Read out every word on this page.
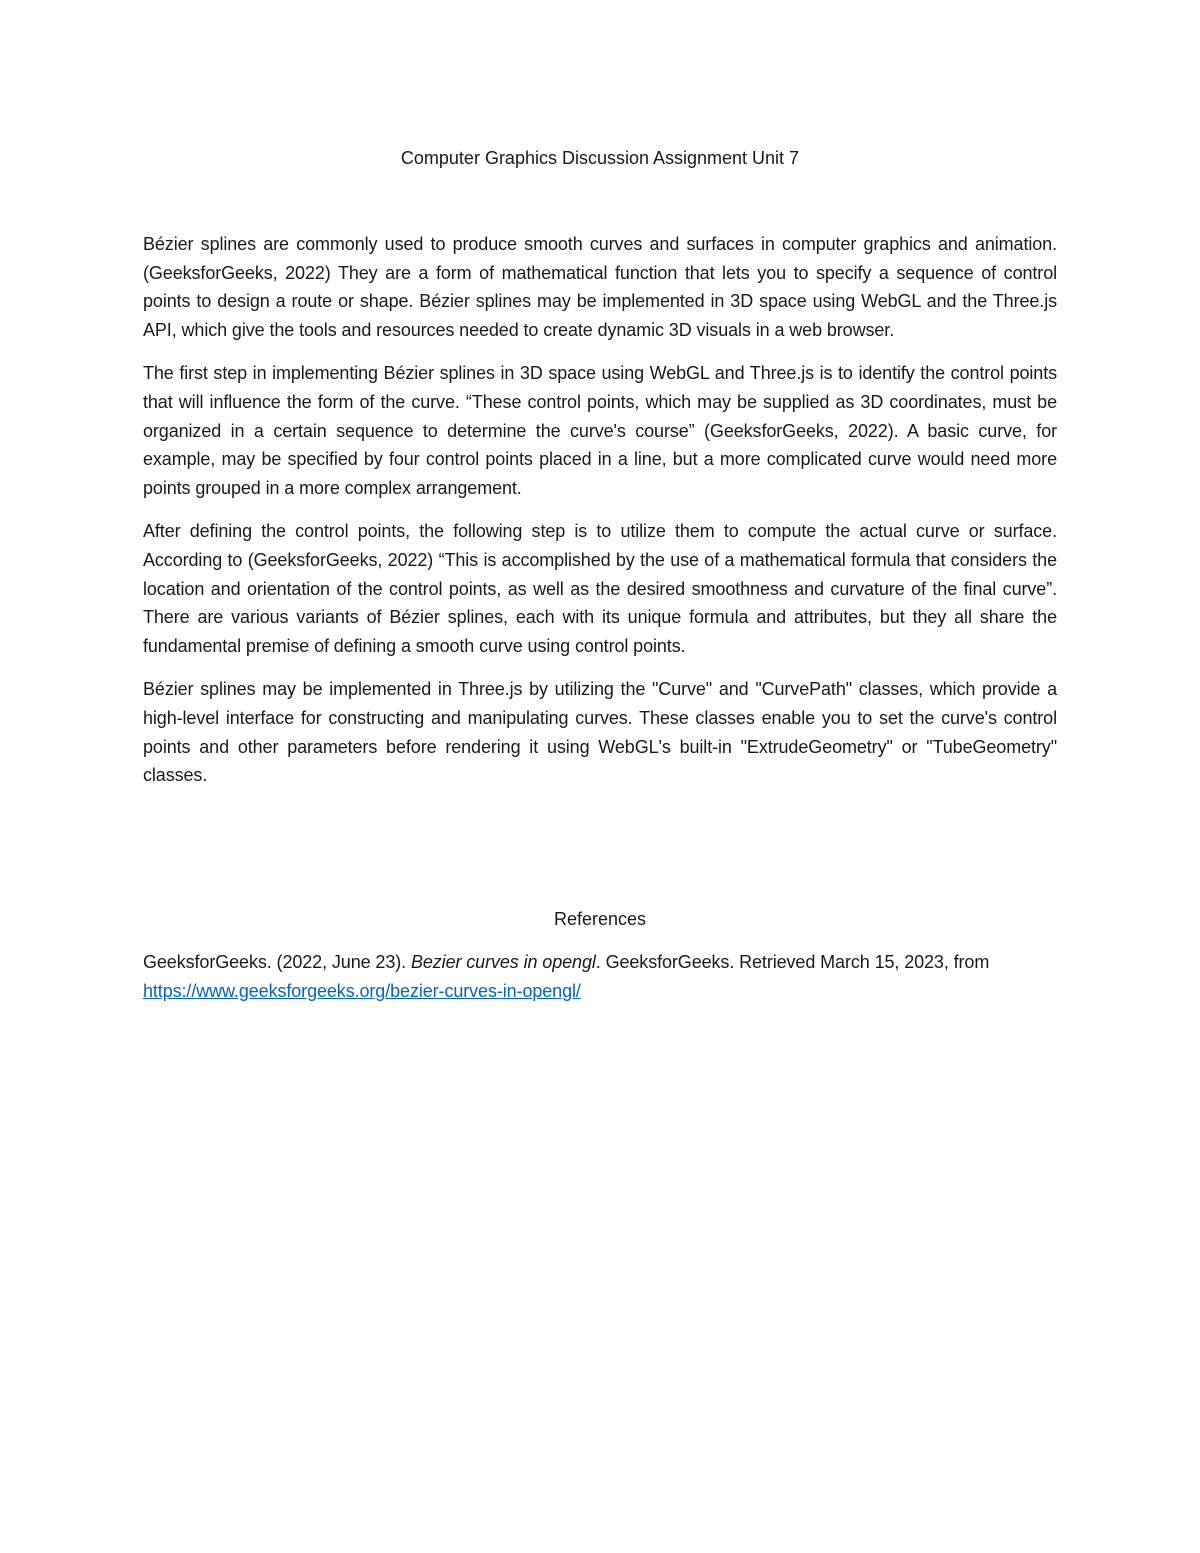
Computer Graphics Discussion Assignment Unit 7

Bézier splines are commonly used to produce smooth curves and surfaces in computer graphics and animation. (GeeksforGeeks, 2022) They are a form of mathematical function that lets you to specify a sequence of control points to design a route or shape. Bézier splines may be implemented in 3D space using WebGL and the Three.js API, which give the tools and resources needed to create dynamic 3D visuals in a web browser.

The first step in implementing Bézier splines in 3D space using WebGL and Three.js is to identify the control points that will influence the form of the curve. “These control points, which may be supplied as 3D coordinates, must be organized in a certain sequence to determine the curve's course” (GeeksforGeeks, 2022). A basic curve, for example, may be specified by four control points placed in a line, but a more complicated curve would need more points grouped in a more complex arrangement.

After defining the control points, the following step is to utilize them to compute the actual curve or surface. According to (GeeksforGeeks, 2022) “This is accomplished by the use of a mathematical formula that considers the location and orientation of the control points, as well as the desired smoothness and curvature of the final curve”. There are various variants of Bézier splines, each with its unique formula and attributes, but they all share the fundamental premise of defining a smooth curve using control points.

Bézier splines may be implemented in Three.js by utilizing the "Curve" and "CurvePath" classes, which provide a high-level interface for constructing and manipulating curves. These classes enable you to set the curve's control points and other parameters before rendering it using WebGL's built-in "ExtrudeGeometry" or "TubeGeometry" classes.

References

GeeksforGeeks. (2022, June 23). Bezier curves in opengl. GeeksforGeeks. Retrieved March 15, 2023, from https://www.geeksforgeeks.org/bezier-curves-in-opengl/
